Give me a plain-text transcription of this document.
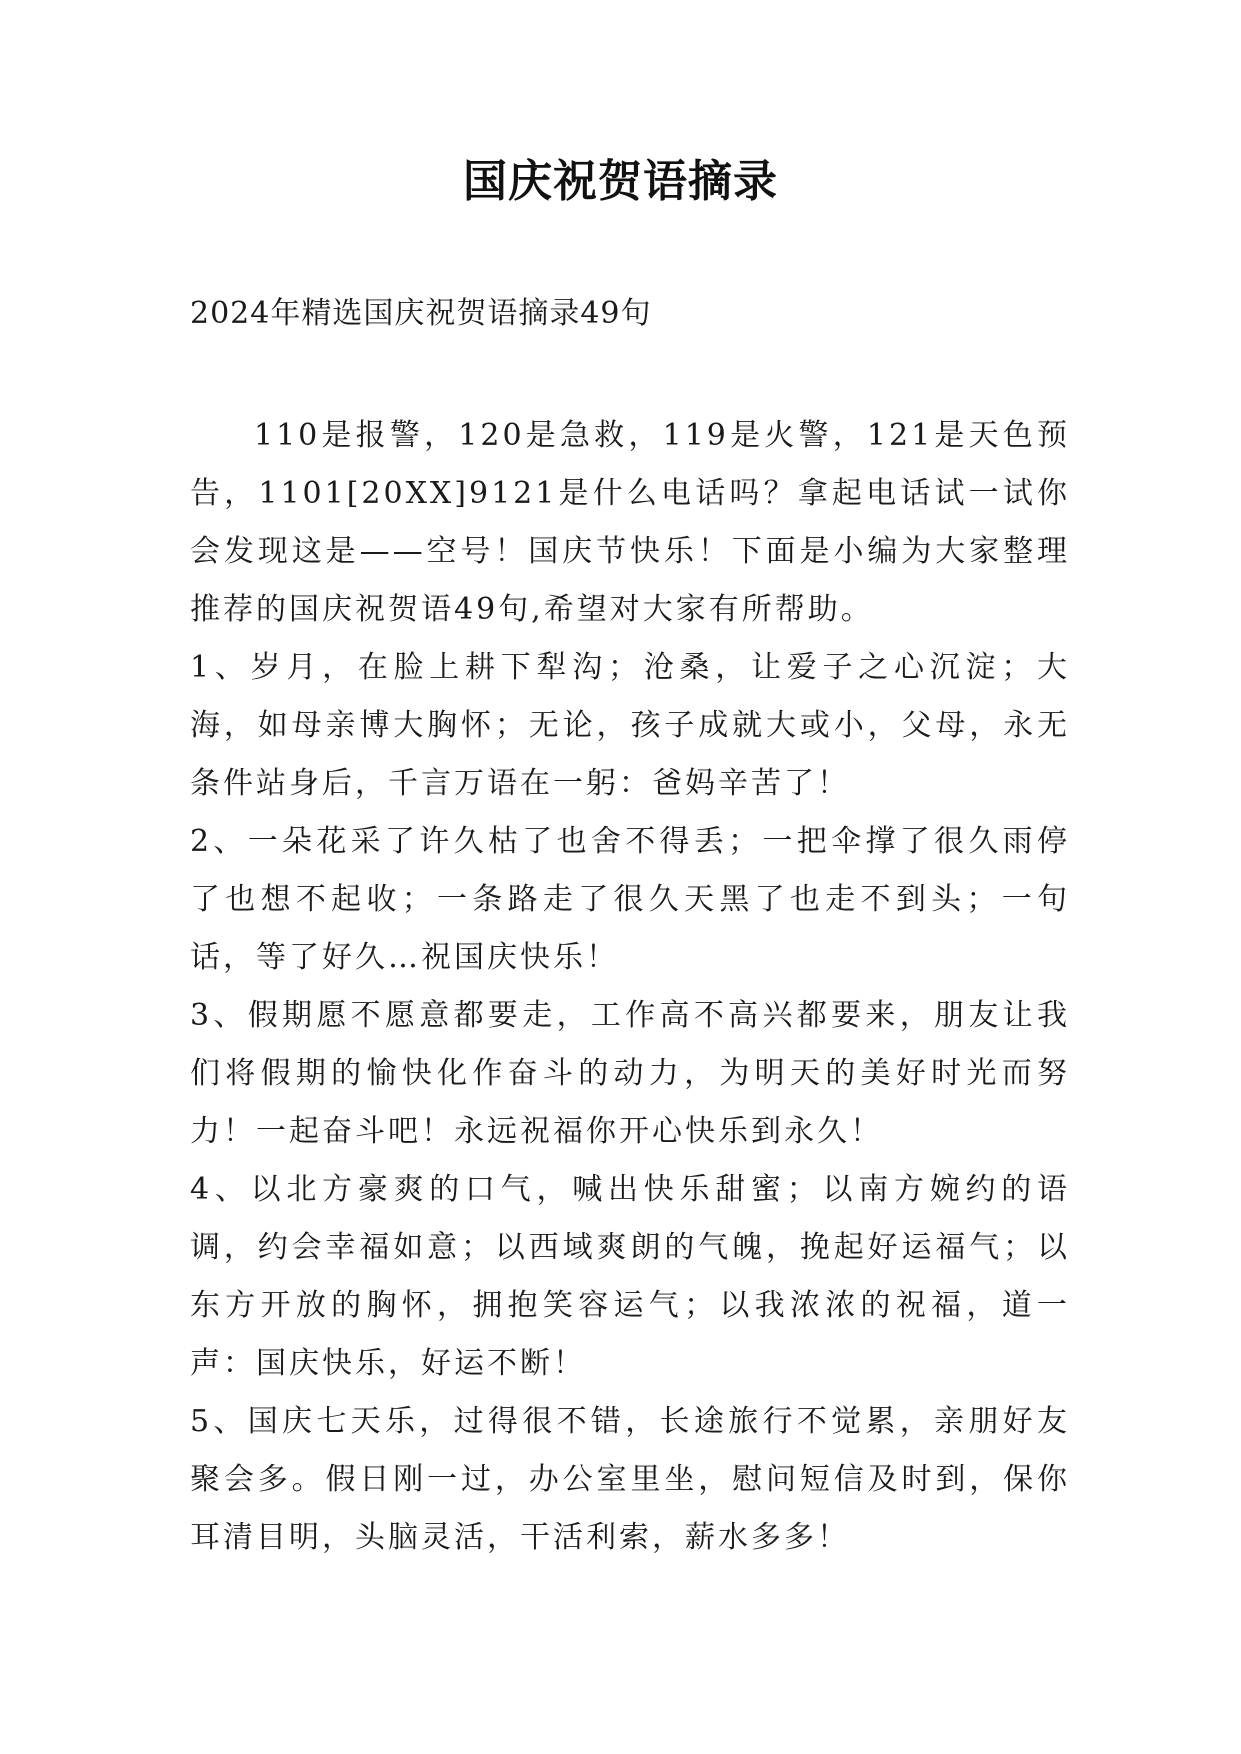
国庆祝贺语摘录
2024年精选国庆祝贺语摘录49句

110是报警，120是急救，119是火警，121是天色预告，1101[20XX]9121是什么电话吗？拿起电话试一试你会发现这是——空号！国庆节快乐！下面是小编为大家整理推荐的国庆祝贺语49句,希望对大家有所帮助。

1、岁月，在脸上耕下犁沟；沧桑，让爱子之心沉淀；大海，如母亲博大胸怀；无论，孩子成就大或小，父母，永无条件站身后，千言万语在一躬：爸妈辛苦了！

2、一朵花采了许久枯了也舍不得丢；一把伞撑了很久雨停了也想不起收；一条路走了很久天黑了也走不到头；一句话，等了好久…祝国庆快乐！

3、假期愿不愿意都要走，工作高不高兴都要来，朋友让我们将假期的愉快化作奋斗的动力，为明天的美好时光而努力！一起奋斗吧！永远祝福你开心快乐到永久！

4、以北方豪爽的口气，喊出快乐甜蜜；以南方婉约的语调，约会幸福如意；以西域爽朗的气魄，挽起好运福气；以东方开放的胸怀，拥抱笑容运气；以我浓浓的祝福，道一声：国庆快乐，好运不断！

5、国庆七天乐，过得很不错，长途旅行不觉累，亲朋好友聚会多。假日刚一过，办公室里坐，慰问短信及时到，保你耳清目明，头脑灵活，干活利索，薪水多多！
